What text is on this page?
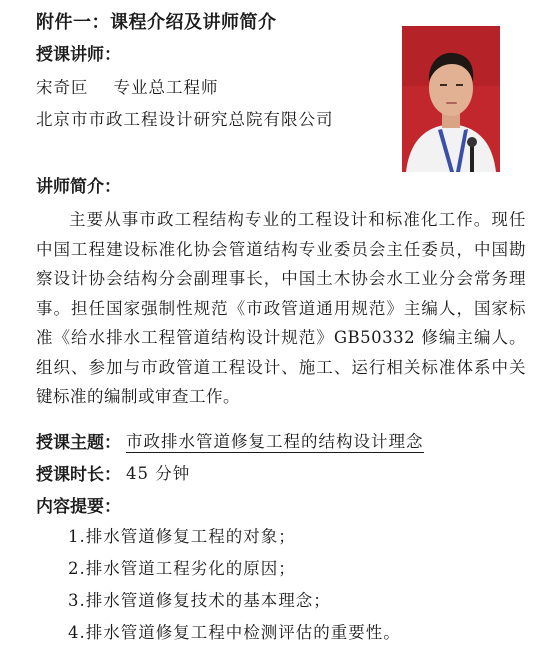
附件一：课程介绍及讲师简介
授课讲师：
宋奇叵    专业总工程师
北京市市政工程设计研究总院有限公司
讲师简介：
主要从事市政工程结构专业的工程设计和标准化工作。现任中国工程建设标准化协会管道结构专业委员会主任委员，中国勘察设计协会结构分会副理事长，中国土木协会水工业分会常务理事。担任国家强制性规范《市政管道通用规范》主编人，国家标准《给水排水工程管道结构设计规范》GB50332 修编主编人。组织、参加与市政管道工程设计、施工、运行相关标准体系中关键标准的编制或审查工作。
授课主题： 市政排水管道修复工程的结构设计理念
授课时长： 45 分钟
内容提要：
1.排水管道修复工程的对象；
2.排水管道工程劣化的原因；
3.排水管道修复技术的基本理念；
4.排水管道修复工程中检测评估的重要性。
